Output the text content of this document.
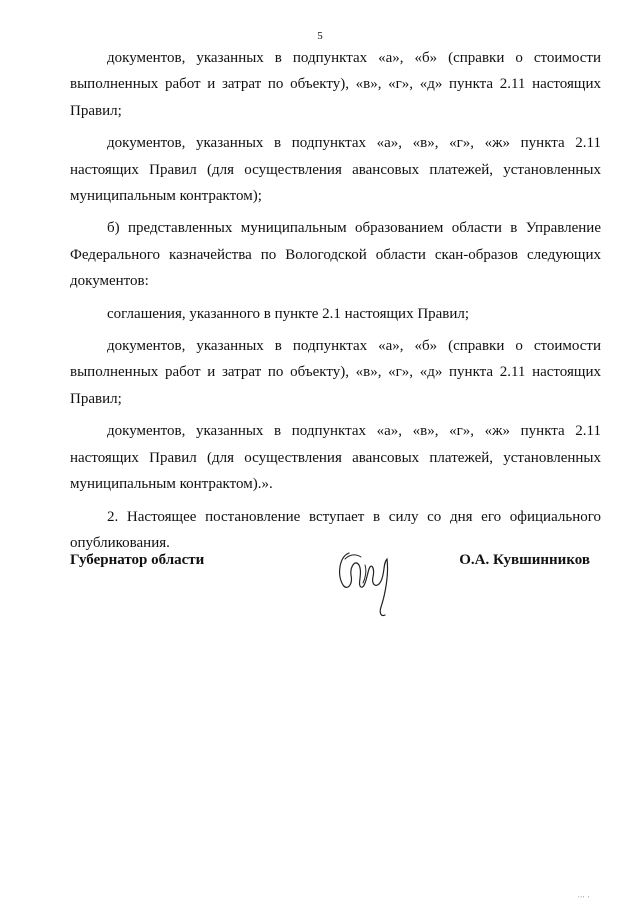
''''
5

документов, указанных в подпунктах «а», «б» (справки о стоимости выполненных работ и затрат по объекту), «в», «г», «д» пункта 2.11 настоящих Правил;

документов, указанных в подпунктах «а», «в», «г», «ж» пункта 2.11 настоящих Правил (для осуществления авансовых платежей, установленных муниципальным контрактом);

б) представленных муниципальным образованием области в Управление Федерального казначейства по Вологодской области скан-образов следующих документов:

соглашения, указанного в пункте 2.1 настоящих Правил;

документов, указанных в подпунктах «а», «б» (справки о стоимости выполненных работ и затрат по объекту), «в», «г», «д» пункта 2.11 настоящих Правил;

документов, указанных в подпунктах «а», «в», «г», «ж» пункта 2.11 настоящих Правил (для осуществления авансовых платежей, установленных муниципальным контрактом).».

2. Настоящее постановление вступает в силу со дня его официального опубликования.

Губернатор области	О.А. Кувшинников
''' '
